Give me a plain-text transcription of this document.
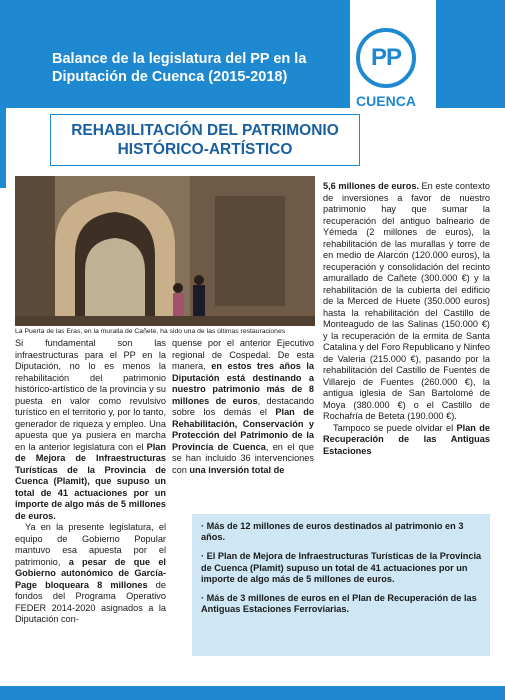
Balance de la legislatura del PP en la
Diputación de Cuenca (2015-2018)
PP
CUENCA
REHABILITACIÓN DEL PATRIMONIO
HISTÓRICO-ARTÍSTICO
La Puerta de las Eras, en la muralla de Cañete, ha sido una de las últimas restauraciones

Si fundamental son las infraestructuras para el PP en la Diputación, no lo es menos la rehabilitación del patrimonio histórico-artístico de la provincia y su puesta en valor como revulsivo turístico en el territorio y, por lo tanto, generador de riqueza y empleo. Una apuesta que ya pusiera en marcha en la anterior legislatura con el Plan de Mejora de Infraestructuras Turísticas de la Provincia de Cuenca (Plamit), que supuso un total de 41 actuaciones por un importe de algo más de 5 millones de euros.

Ya en la presente legislatura, el equipo de Gobierno Popular mantuvo esa apuesta por el patrimonio, a pesar de que el Gobierno autonómico de García-Page bloqueara 8 millones de fondos del Programa Operativo FEDER 2014-2020 asignados a la Diputación con-

quense por el anterior Ejecutivo regional de Cospedal. De esta manera, en estos tres años la Diputación está destinando a nuestro patrimonio más de 8 millones de euros, destacando sobre los demás el Plan de Rehabilitación, Conservación y Protección del Patrimonio de la Provincia de Cuenca, en el que se han incluido 36 intervenciones con una inversión total de

5,6 millones de euros. En este contexto de inversiones a favor de nuestro patrimonio hay que sumar la recuperación del antiguo balneario de Yémeda (2 millones de euros), la rehabilitación de las murallas y torre de en medio de Alarcón (120.000 euros), la recuperación y consolidación del recinto amurallado de Cañete (300.000 €) y la rehabilitación de la cubierta del edificio de la Merced de Huete (350.000 euros) hasta la rehabilitación del Castillo de Monteagudo de las Salinas (150.000 €) y la recuperación de la ermita de Santa Catalina y del Foro Republicano y Ninfeo de Valeria (215.000 €), pasando por la rehabilitación del Castillo de Fuentes de Villarejo de Fuentes (260.000 €), la antigua iglesia de San Bartolomé de Moya (380.000 €) o el Castillo de Rochafría de Beteta (190.000 €).

Tampoco se puede olvidar el Plan de Recuperación de las Antiguas Estaciones

· Más de 12 millones de euros destinados al patrimonio en 3 años.
· El Plan de Mejora de Infraestructuras Turísticas de la Provincia de Cuenca (Plamit) supuso un total de 41 actuaciones por un importe de algo más de 5 millones de euros.
· Más de 3 millones de euros en el Plan de Recuperación de las Antiguas Estaciones Ferroviarias.
